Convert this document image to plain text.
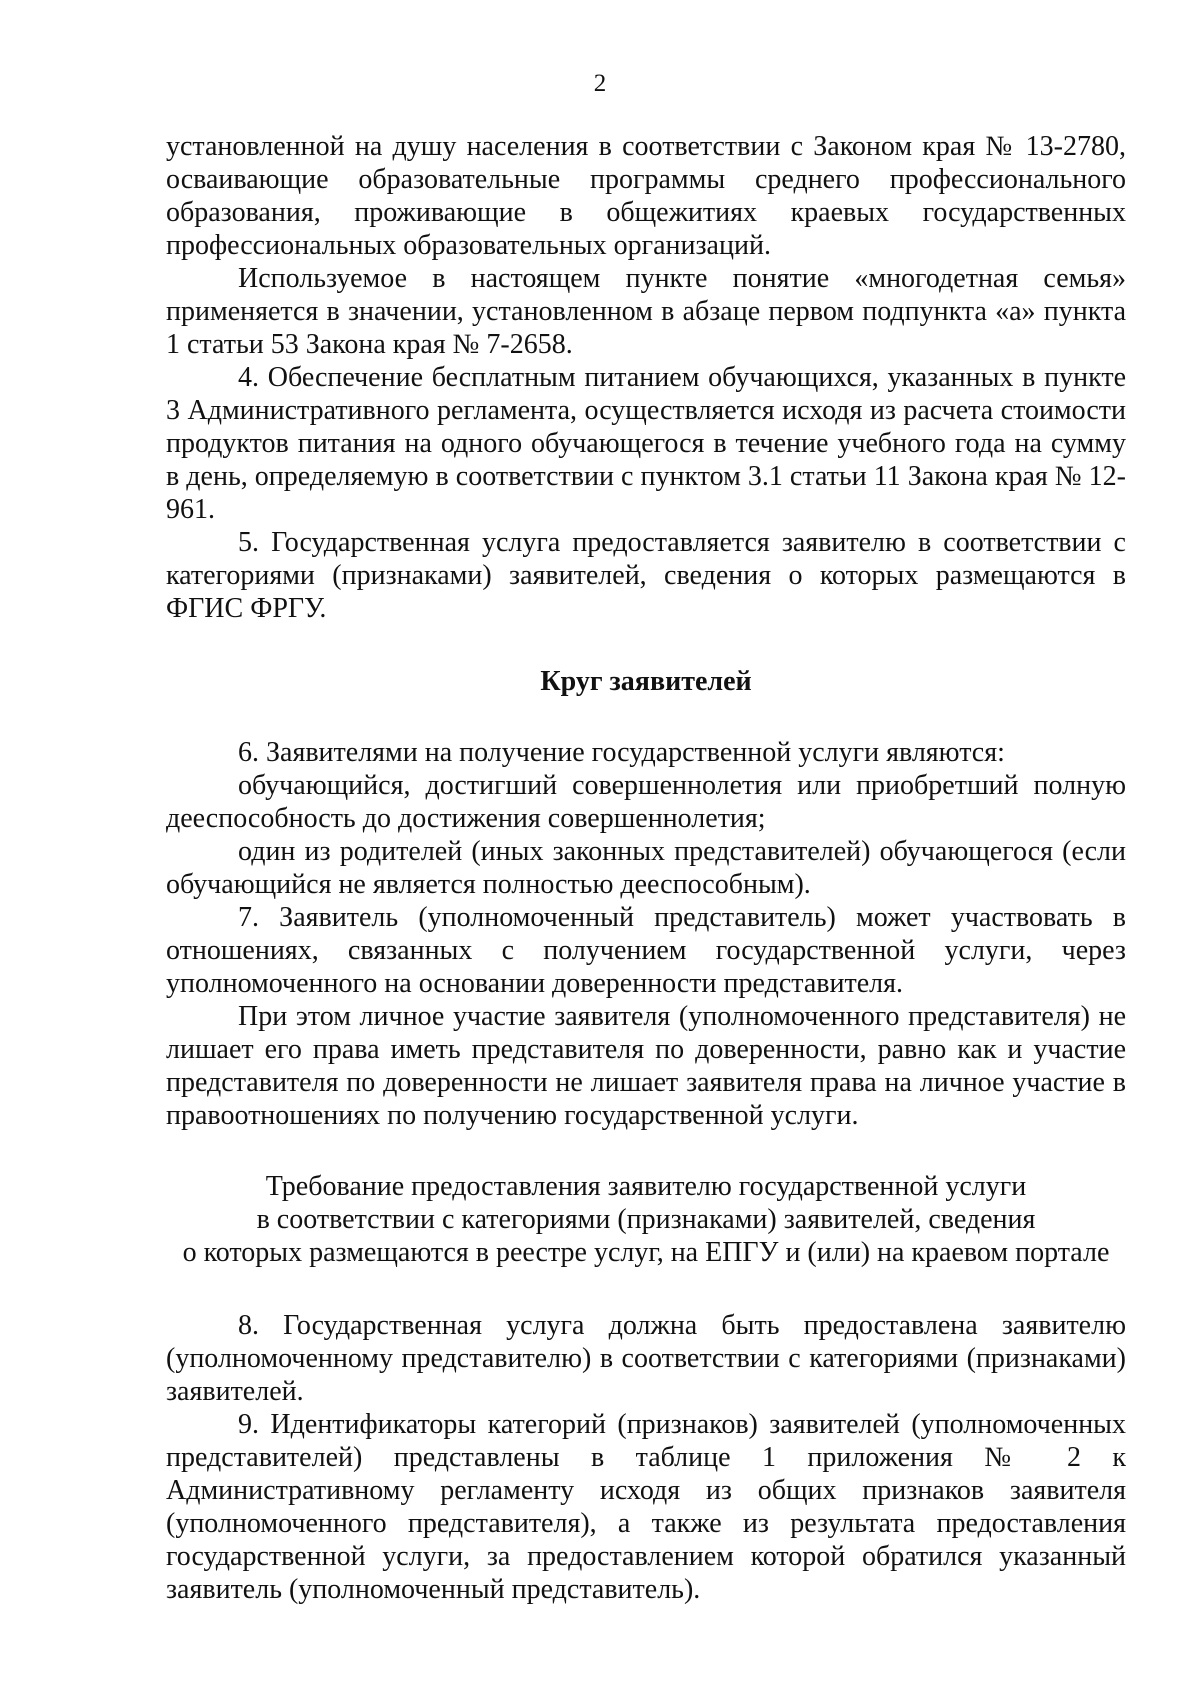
2

установленной на душу населения в соответствии с Законом края № 13-2780, осваивающие образовательные программы среднего профессионального образования, проживающие в общежитиях краевых государственных профессиональных образовательных организаций.

Используемое в настоящем пункте понятие «многодетная семья» применяется в значении, установленном в абзаце первом подпункта «а» пункта 1 статьи 53 Закона края № 7-2658.

4. Обеспечение бесплатным питанием обучающихся, указанных в пункте 3 Административного регламента, осуществляется исходя из расчета стоимости продуктов питания на одного обучающегося в течение учебного года на сумму в день, определяемую в соответствии с пунктом 3.1 статьи 11 Закона края № 12-961.

5. Государственная услуга предоставляется заявителю в соответствии с категориями (признаками) заявителей, сведения о которых размещаются в ФГИС ФРГУ.

Круг заявителей

6. Заявителями на получение государственной услуги являются:

обучающийся, достигший совершеннолетия или приобретший полную дееспособность до достижения совершеннолетия;

один из родителей (иных законных представителей) обучающегося (если обучающийся не является полностью дееспособным).

7. Заявитель (уполномоченный представитель) может участвовать в отношениях, связанных с получением государственной услуги, через уполномоченного на основании доверенности представителя.

При этом личное участие заявителя (уполномоченного представителя) не лишает его права иметь представителя по доверенности, равно как и участие представителя по доверенности не лишает заявителя права на личное участие в правоотношениях по получению государственной услуги.

Требование предоставления заявителю государственной услуги
в соответствии с категориями (признаками) заявителей, сведения
о которых размещаются в реестре услуг, на ЕПГУ и (или) на краевом портале

8. Государственная услуга должна быть предоставлена заявителю (уполномоченному представителю) в соответствии с категориями (признаками) заявителей.

9. Идентификаторы категорий (признаков) заявителей (уполномоченных представителей) представлены в таблице 1 приложения № 2 к Административному регламенту исходя из общих признаков заявителя (уполномоченного представителя), а также из результата предоставления государственной услуги, за предоставлением которой обратился указанный заявитель (уполномоченный представитель).
